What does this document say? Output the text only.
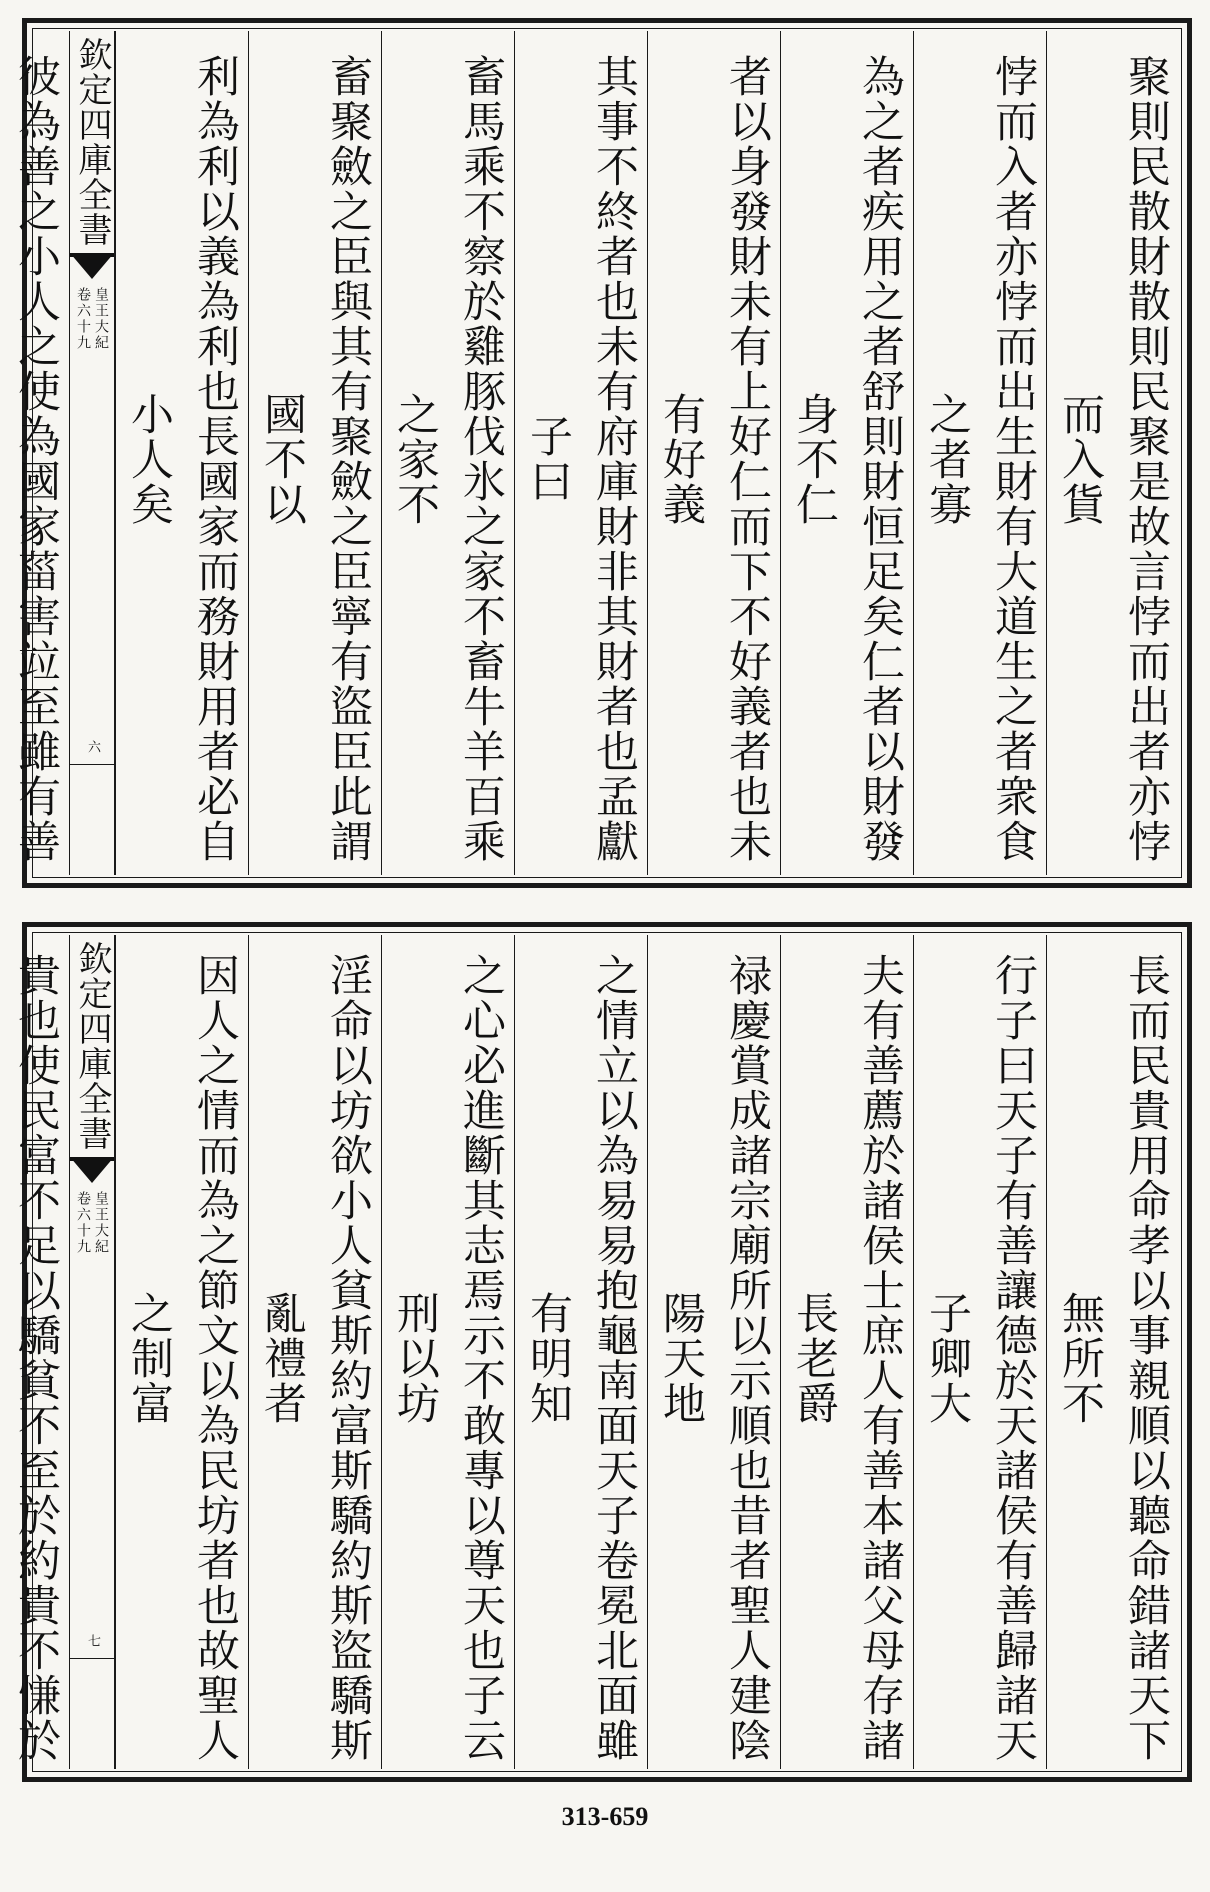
聚則民散財散則民聚是故言悖而出者亦悖而入貨
悖而入者亦悖而出生財有大道生之者衆食之者寡
為之者疾用之者舒則財恒足矣仁者以財發身不仁
者以身發財未有上好仁而下不好義者也未有好義
其事不終者也未有府庫財非其財者也孟獻子曰
畜馬乘不察於雞豚伐氷之家不畜牛羊百乘之家不
畜聚斂之臣與其有聚斂之臣寧有盜臣此謂國不以
利為利以義為利也長國家而務財用者必自小人矣
欽定四庫全書
皇王大紀
卷六十九
六
彼為善之小人之使為國家菑害竝至雖有善
長而民貴用命孝以事親順以聽命錯諸天下無所不
行子曰天子有善讓德於天諸侯有善歸諸天子卿大
夫有善薦於諸侯士庶人有善本諸父母存諸長老爵
禄慶賞成諸宗廟所以示順也昔者聖人建陰陽天地
之情立以為易易抱龜南面天子卷冕北面雖有明知
之心必進斷其志焉示不敢專以尊天也子云刑以坊
淫命以坊欲小人貧斯約富斯驕約斯盜驕斯亂禮者
因人之情而為之節文以為民坊者也故聖人之制富
欽定四庫全書
皇王大紀
卷六十九
七
貴也使民富不足以驕貧不至於約貴不慊於
313-659
